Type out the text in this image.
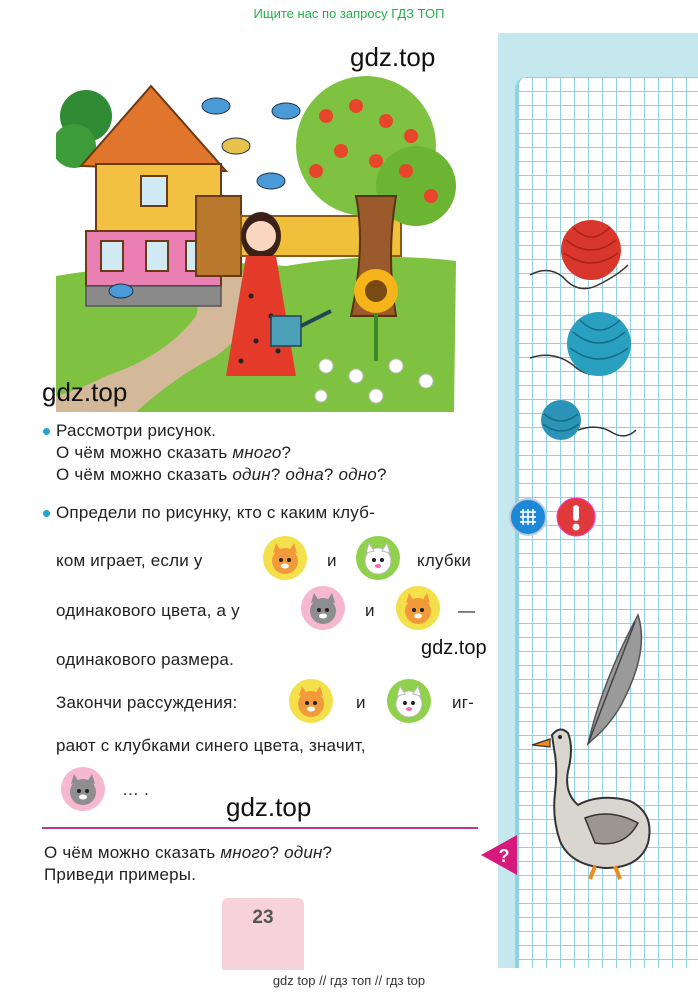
Ищите нас по запросу ГДЗ ТОП
gdz.top
gdz.top
gdz.top
gdz.top
Рассмотри рисунок.
О чём можно сказать много?
О чём можно сказать один? одна? одно?
Определи по рисунку, кто с каким клуб-
ком играет, если у	и	клубки
одинакового цвета, а у	и	—
одинакового размера.
Закончи рассуждения:	и	иг-
рают с клубками синего цвета, значит,
… .
О чём можно сказать много? один?
Приведи примеры.
?
23
gdz top // гдз топ // гдз top
